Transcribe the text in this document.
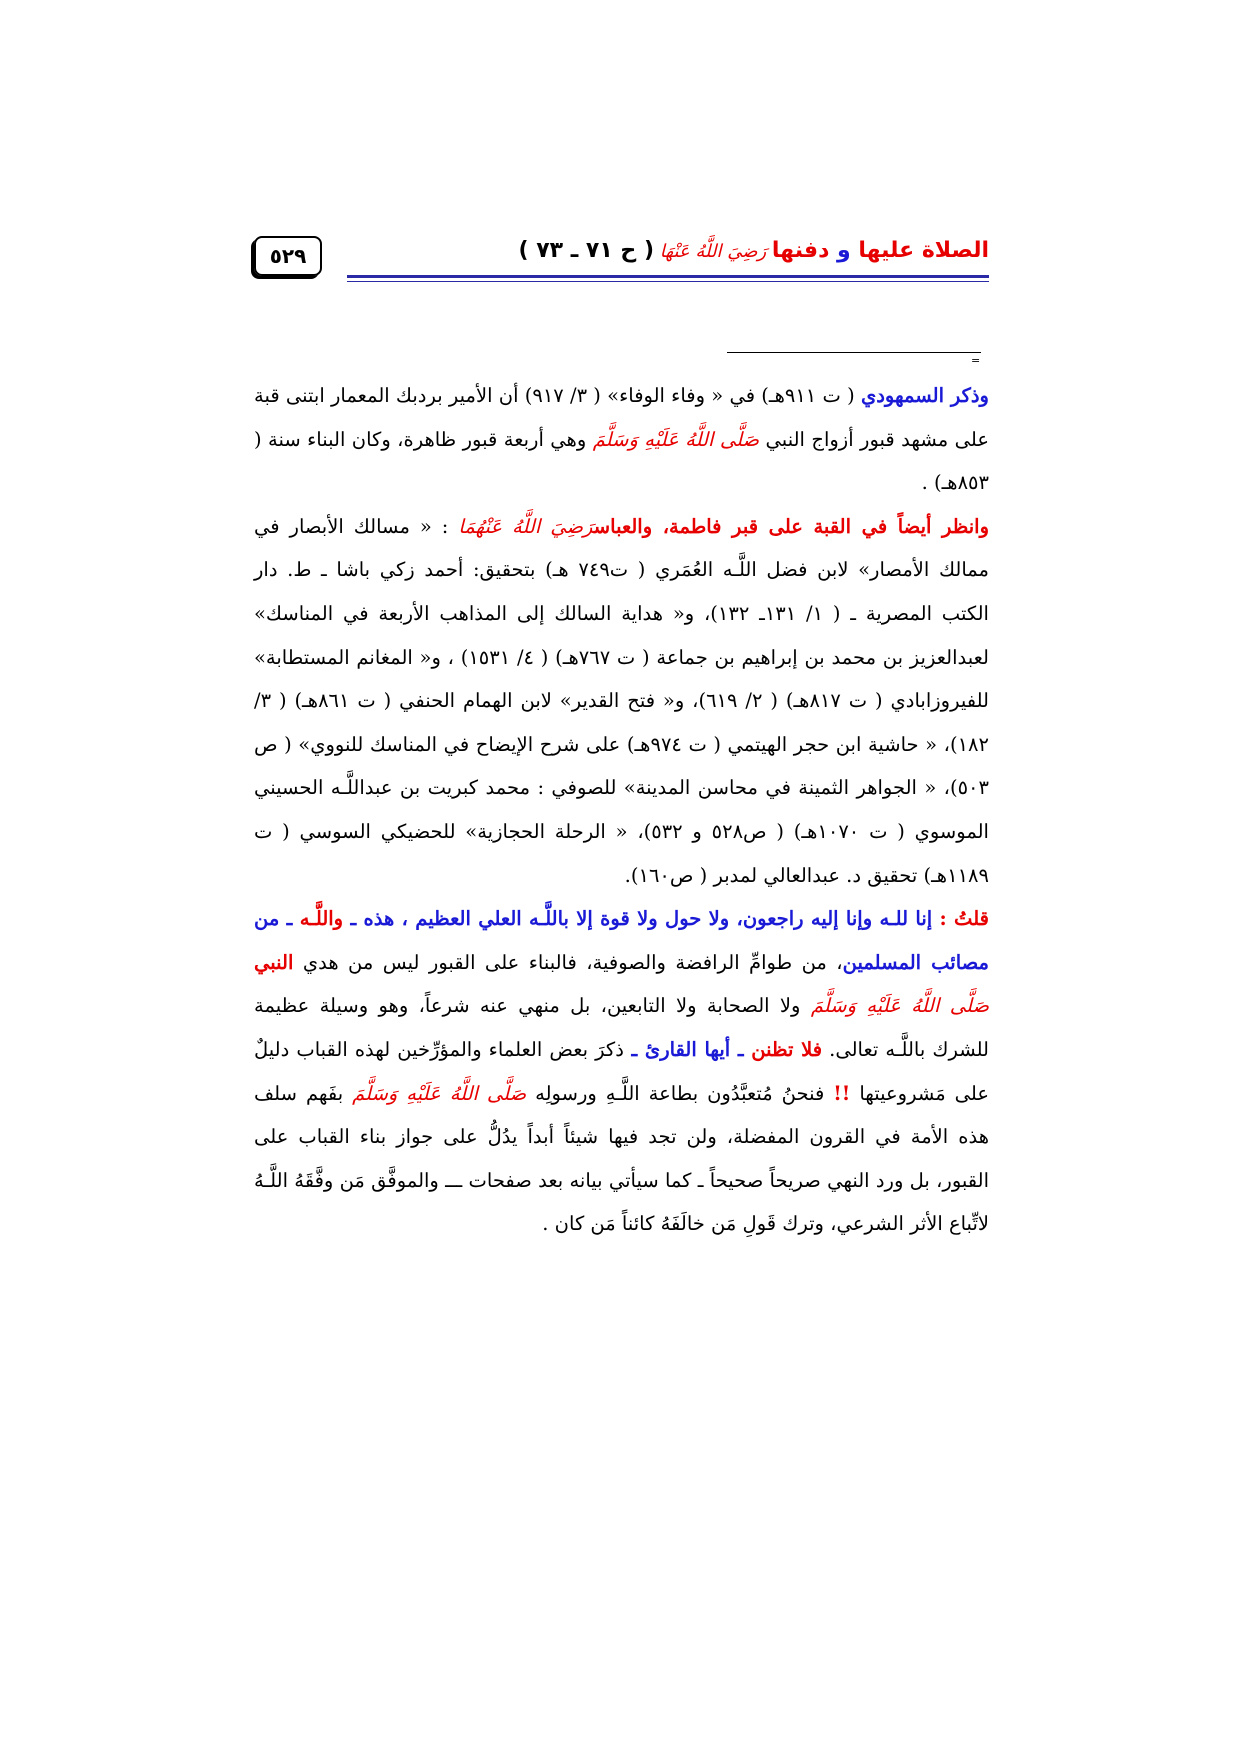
الصلاة عليها و دفنها رَضِيَ اللَّهُ عَنْهَا ( ح ٧١ ـ ٧٣ )
٥٢٩
=

وذكر السمهودي ( ت ٩١١هـ) في « وفاء الوفاء» ( ٣/ ٩١٧) أن الأمير بردبك المعمار ابتنى قبة على مشهد قبور أزواج النبي صَلَّى اللَّهُ عَلَيْهِ وَسَلَّمَ وهي أربعة قبور ظاهرة، وكان البناء سنة ( ٨٥٣هـ) .

وانظر أيضاً في القبة على قبر فاطمة، والعباسرَضِيَ اللَّهُ عَنْهُمَا : « مسالك الأبصار في ممالك الأمصار» لابن فضل اللَّـه العُمَري ( ت٧٤٩ هـ) بتحقيق: أحمد زكي باشا ـ ط. دار الكتب المصرية ـ ( ١/ ١٣١ـ ١٣٢)، و« هداية السالك إلى المذاهب الأربعة في المناسك» لعبدالعزيز بن محمد بن إبراهيم بن جماعة ( ت ٧٦٧هـ) ( ٤/ ١٥٣١) ، و« المغانم المستطابة» للفيروزابادي ( ت ٨١٧هـ) ( ٢/ ٦١٩)، و« فتح القدير» لابن الهمام الحنفي ( ت ٨٦١هـ) ( ٣/ ١٨٢)، « حاشية ابن حجر الهيتمي ( ت ٩٧٤هـ) على شرح الإيضاح في المناسك للنووي» ( ص ٥٠٣)، « الجواهر الثمينة في محاسن المدينة» للصوفي : محمد كبريت بن عبداللَّـه الحسيني الموسوي ( ت ١٠٧٠هـ) ( ص٥٢٨ و ٥٣٢)، « الرحلة الحجازية» للحضيكي السوسي ( ت ١١٨٩هـ) تحقيق د. عبدالعالي لمدبر ( ص١٦٠).

قلتُ : إنا للـه وإنا إليه راجعون، ولا حول ولا قوة إلا باللَّـه العلي العظيم ، هذه ـ واللَّـه ـ من مصائب المسلمين، من طوامِّ الرافضة والصوفية، فالبناء على القبور ليس من هدي النبي صَلَّى اللَّهُ عَلَيْهِ وَسَلَّمَ ولا الصحابة ولا التابعين، بل منهي عنه شرعاً، وهو وسيلة عظيمة للشرك باللَّـه تعالى. فلا تظنن ـ أيها القارئ ـ ذكرَ بعض العلماء والمؤرِّخين لهذه القباب دليلٌ على مَشروعيتها !! فنحنُ مُتعبَّدُون بطاعة اللَّـهِ ورسولِه صَلَّى اللَّهُ عَلَيْهِ وَسَلَّمَ بفَهم سلف هذه الأمة في القرون المفضلة، ولن تجد فيها شيئاً أبداً يدُلُّ على جواز بناء القباب على القبور، بل ورد النهي صريحاً صحيحاً ـ كما سيأتي بيانه بعد صفحات ـــ والموفَّق مَن وفَّقَهُ اللَّـهُ لاتِّباع الأثر الشرعي، وترك قَولِ مَن خالَفَهُ كائناً مَن كان .
